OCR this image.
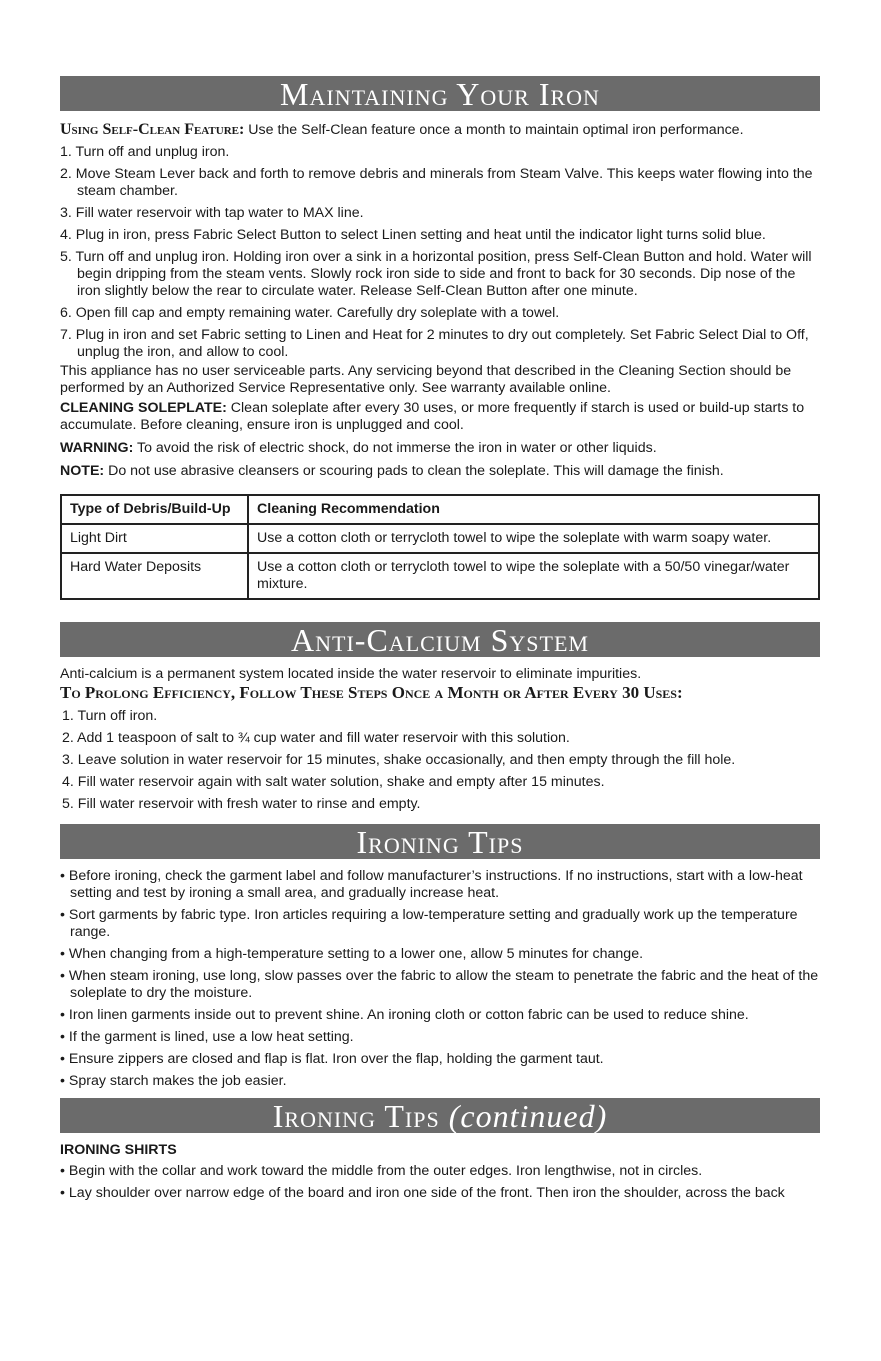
Maintaining Your Iron

Using Self-Clean Feature: Use the Self-Clean feature once a month to maintain optimal iron performance.

1. Turn off and unplug iron.
2. Move Steam Lever back and forth to remove debris and minerals from Steam Valve. This keeps water flowing into the steam chamber.
3. Fill water reservoir with tap water to MAX line.
4. Plug in iron, press Fabric Select Button to select Linen setting and heat until the indicator light turns solid blue.
5. Turn off and unplug iron. Holding iron over a sink in a horizontal position, press Self-Clean Button and hold. Water will begin dripping from the steam vents. Slowly rock iron side to side and front to back for 30 seconds. Dip nose of the iron slightly below the rear to circulate water. Release Self-Clean Button after one minute.
6. Open fill cap and empty remaining water. Carefully dry soleplate with a towel.
7. Plug in iron and set Fabric setting to Linen and Heat for 2 minutes to dry out completely. Set Fabric Select Dial to Off, unplug the iron, and allow to cool.

This appliance has no user serviceable parts. Any servicing beyond that described in the Cleaning Section should be performed by an Authorized Service Representative only. See warranty available online.

CLEANING SOLEPLATE: Clean soleplate after every 30 uses, or more frequently if starch is used or build-up starts to accumulate. Before cleaning, ensure iron is unplugged and cool.

WARNING: To avoid the risk of electric shock, do not immerse the iron in water or other liquids.

NOTE: Do not use abrasive cleansers or scouring pads to clean the soleplate. This will damage the finish.

Type of Debris/Build-Up	Cleaning Recommendation
Light Dirt	Use a cotton cloth or terrycloth towel to wipe the soleplate with warm soapy water.
Hard Water Deposits	Use a cotton cloth or terrycloth towel to wipe the soleplate with a 50/50 vinegar/water mixture.
Anti-Calcium System

Anti-calcium is a permanent system located inside the water reservoir to eliminate impurities.

To Prolong Efficiency, Follow These Steps Once a Month or After Every 30 Uses:

1. Turn off iron.
2. Add 1 teaspoon of salt to ¾ cup water and fill water reservoir with this solution.
3. Leave solution in water reservoir for 15 minutes, shake occasionally, and then empty through the fill hole.
4. Fill water reservoir again with salt water solution, shake and empty after 15 minutes.
5. Fill water reservoir with fresh water to rinse and empty.
Ironing Tips
• Before ironing, check the garment label and follow manufacturer’s instructions. If no instructions, start with a low-heat setting and test by ironing a small area, and gradually increase heat.
• Sort garments by fabric type. Iron articles requiring a low-temperature setting and gradually work up the temperature range.
• When changing from a high-temperature setting to a lower one, allow 5 minutes for change.
• When steam ironing, use long, slow passes over the fabric to allow the steam to penetrate the fabric and the heat of the soleplate to dry the moisture.
• Iron linen garments inside out to prevent shine. An ironing cloth or cotton fabric can be used to reduce shine.
• If the garment is lined, use a low heat setting.
• Ensure zippers are closed and flap is flat. Iron over the flap, holding the garment taut.
• Spray starch makes the job easier.
Ironing Tips (continued)

IRONING SHIRTS

• Begin with the collar and work toward the middle from the outer edges. Iron lengthwise, not in circles.
• Lay shoulder over narrow edge of the board and iron one side of the front. Then iron the shoulder, across the back
